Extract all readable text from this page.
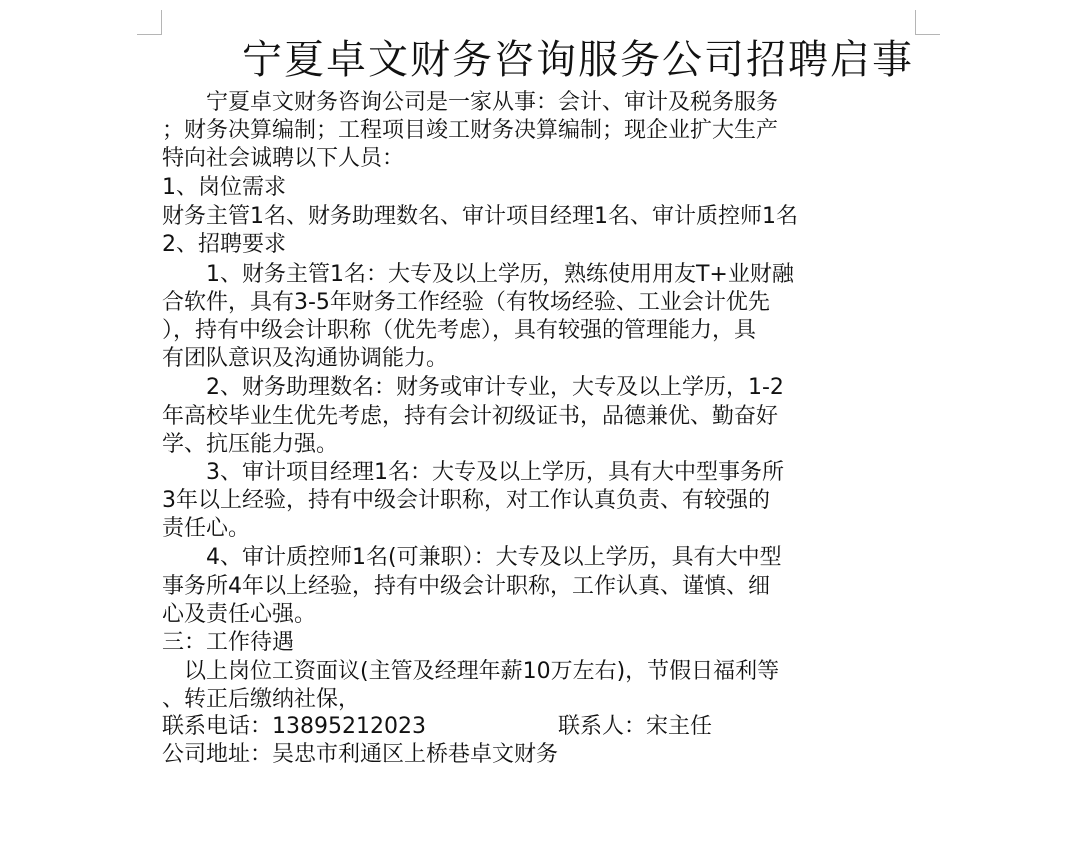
宁夏卓文财务咨询服务公司招聘启事
　　宁夏卓文财务咨询公司是一家从事：会计、审计及税务服务
；财务决算编制；工程项目竣工财务决算编制；现企业扩大生产
特向社会诚聘以下人员：
1、岗位需求
财务主管1名、财务助理数名、审计项目经理1名、审计质控师1名
2、招聘要求
　　1、财务主管1名：大专及以上学历，熟练使用用友T+业财融
合软件，具有3-5年财务工作经验（有牧场经验、工业会计优先
），持有中级会计职称（优先考虑），具有较强的管理能力，具
有团队意识及沟通协调能力。
　　2、财务助理数名：财务或审计专业，大专及以上学历，1-2
年高校毕业生优先考虑，持有会计初级证书，品德兼优、勤奋好
学、抗压能力强。
　　3、审计项目经理1名：大专及以上学历，具有大中型事务所
3年以上经验，持有中级会计职称，对工作认真负责、有较强的
责任心。
　　4、审计质控师1名(可兼职）：大专及以上学历，具有大中型
事务所4年以上经验，持有中级会计职称，工作认真、谨慎、细
心及责任心强。
三：工作待遇
　以上岗位工资面议(主管及经理年薪10万左右)，节假日福利等
、转正后缴纳社保，
联系电话：13895212023　　　　　　联系人：宋主任
公司地址：吴忠市利通区上桥巷卓文财务
